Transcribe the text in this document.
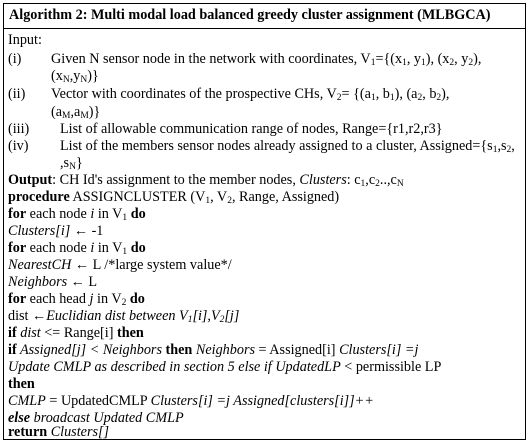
Algorithm 2: Multi modal load balanced greedy cluster assignment (MLBGCA)
Input:
(i) Given N sensor node in the network with coordinates, $V_1=\{(x_1$, $y_1$), ($x_2$, $y_2$),
$(x_N,y_N)$}
(ii) Vector with coordinates of the prospective CHs, $V_2= \{(a_1$, $b_1$), ($a_2$, $b_2$),
$(a_M,a_M)$}
(iii) List of allowable communication range of nodes, Range={r1,r2,r3}
(iv) List of the members sensor nodes already assigned to a cluster, $Assigned=\{s_1,s_2$,
$,s_N$}
Output: CH Id's assignment to the member nodes, Clusters: $c_1,c_2..,c_N$
procedure ASSIGNCLUSTER ($V_1$, $V_2$, Range, Assigned)
for each node i in $V_1$ do
Clusters[i] ← -1
for each node i in $V_1$ do
NearestCH ← L /*large system value*/
Neighbors ← L
for each head j in $V_2$ do
dist ←Euclidian dist between $V_1[i],V_2[j]$
if dist <= Range[i] then
if Assigned[j] < Neighbors then Neighbors = Assigned[i] Clusters[i] =j
Update CMLP as described in section 5 else if UpdatedLP < permissible LP
then
CMLP = UpdatedCMLP Clusters[i] =j Assigned[clusters[i]]++
else broadcast Updated CMLP
return Clusters[]
